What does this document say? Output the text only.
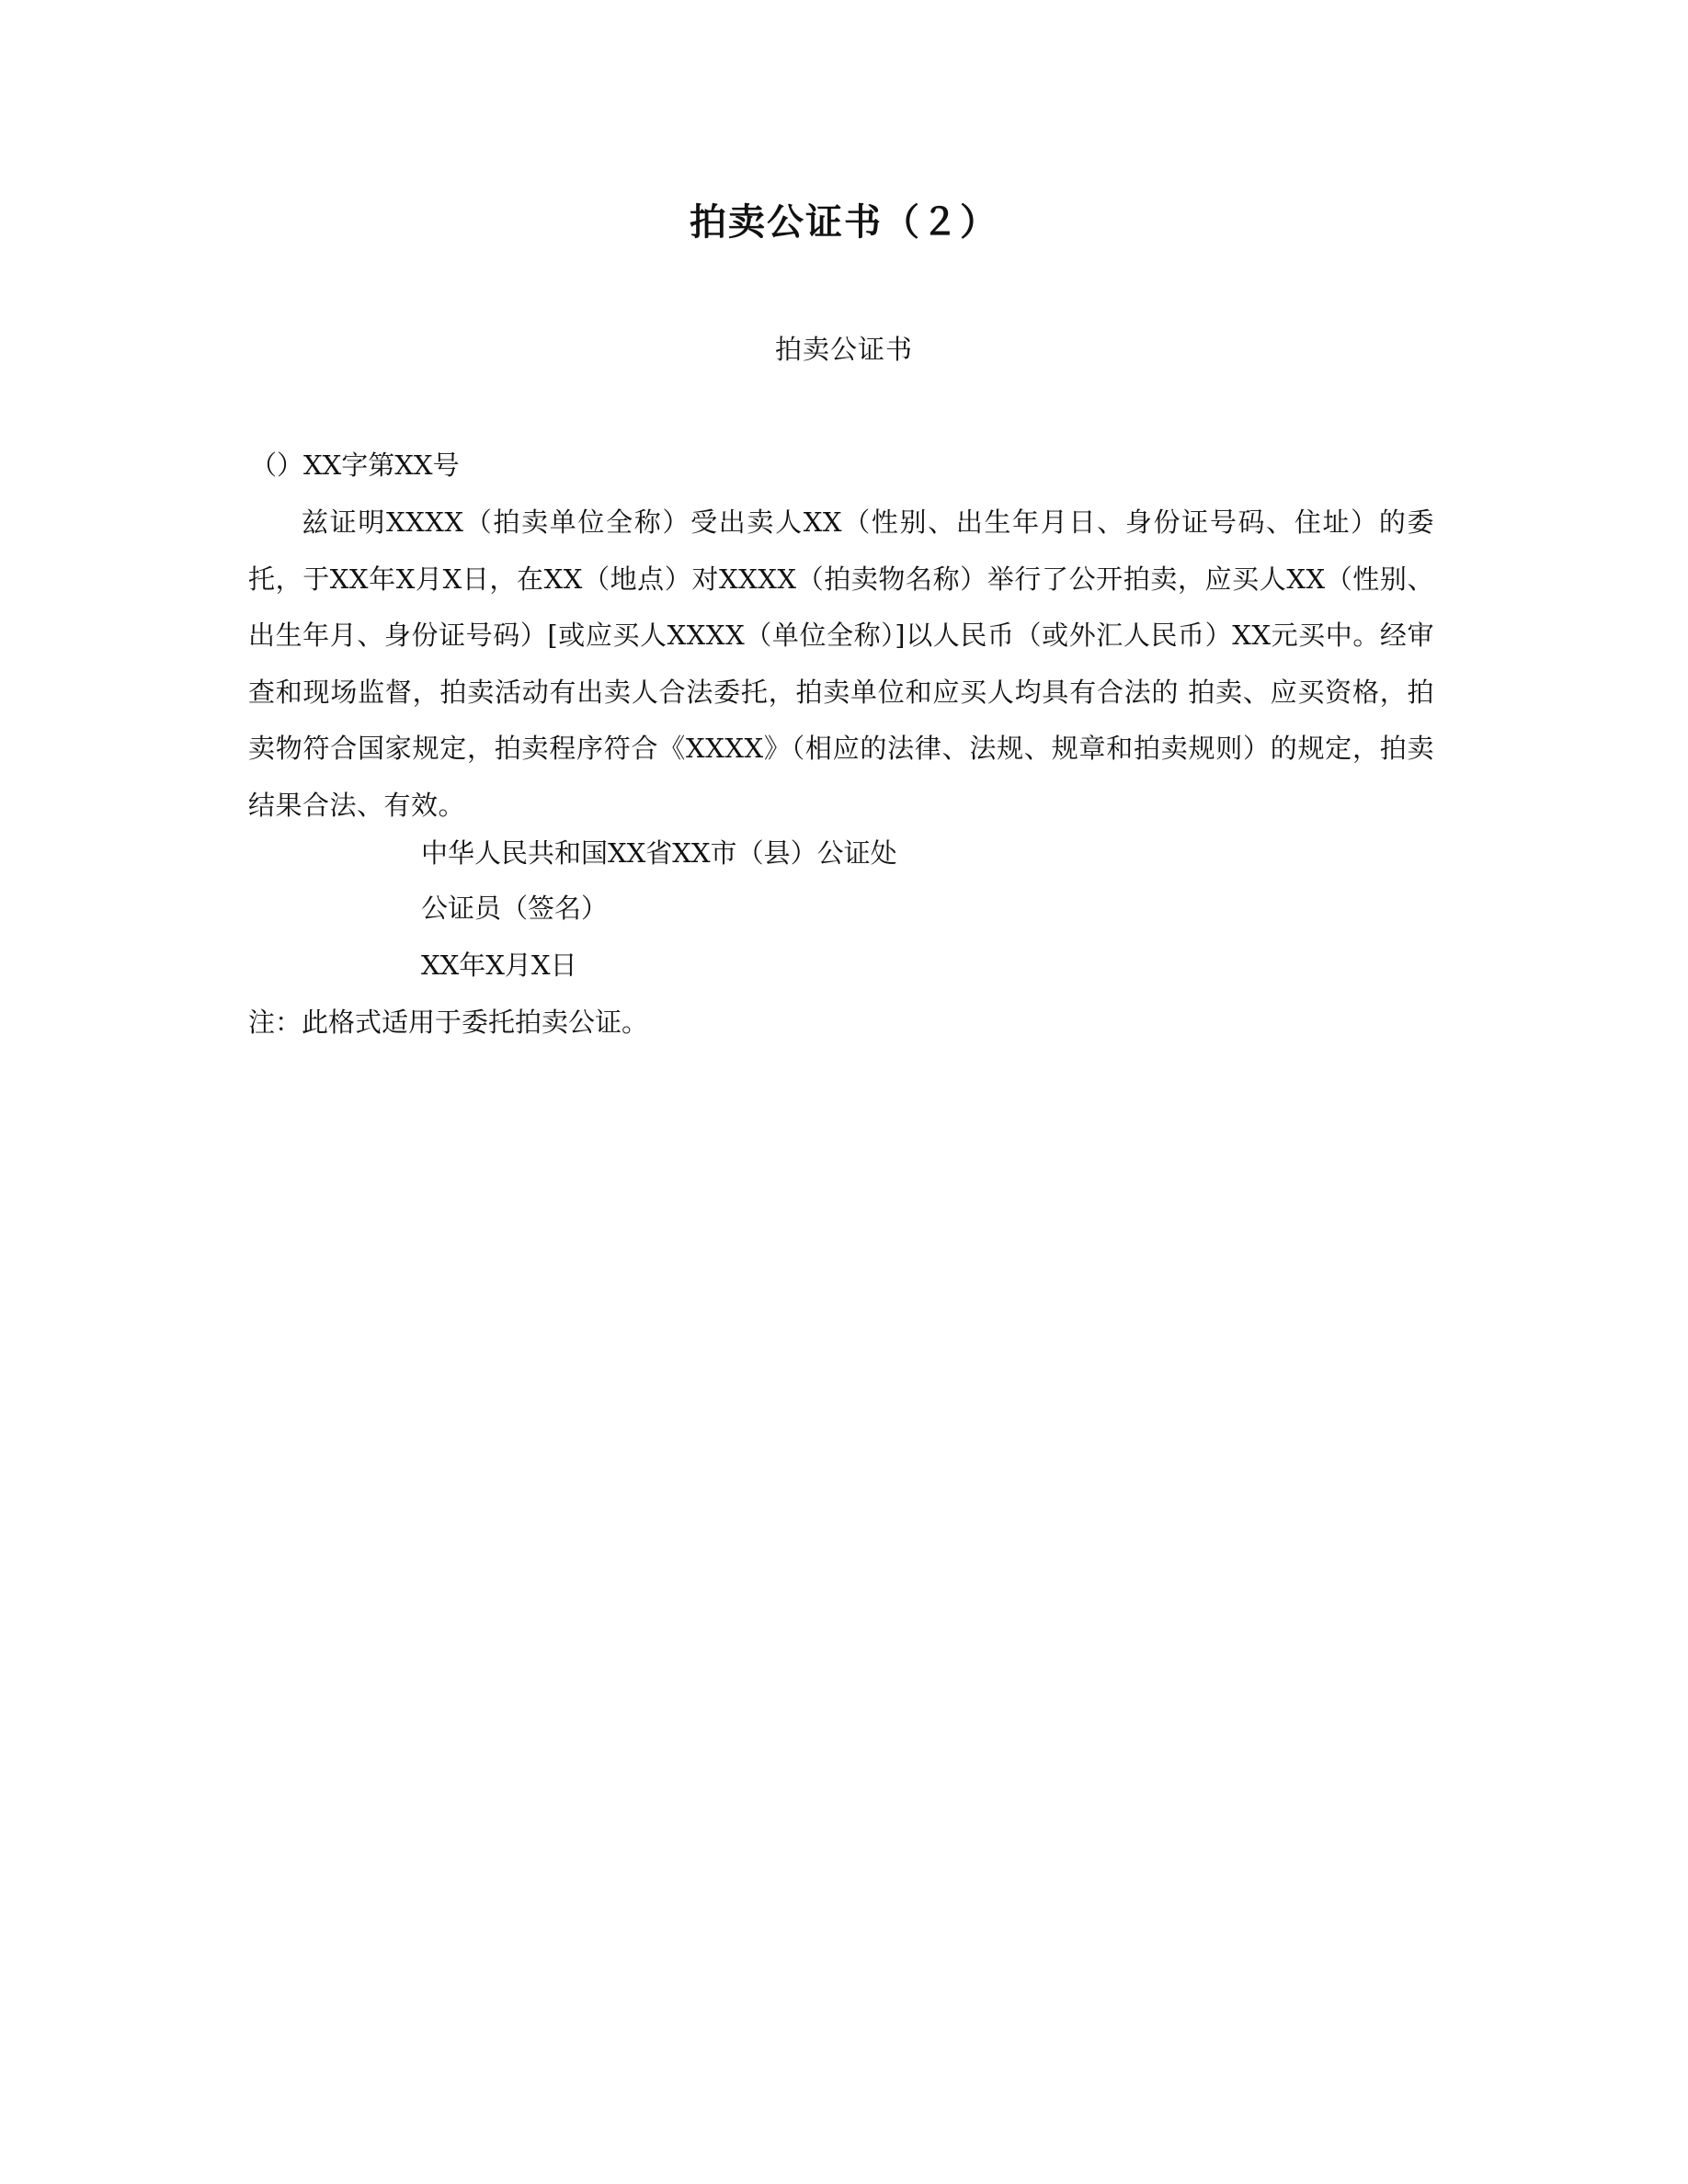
拍卖公证书（２）
拍卖公证书
（）XX字第XX号
兹证明XXXX（拍卖单位全称）受出卖人XX（性别、出生年月日、身份证号码、住址）的委托，于XX年X月X日，在XX（地点）对XXXX（拍卖物名称）举行了公开拍卖，应买人XX（性别、出生年月、身份证号码）[或应买人XXXX（单位全称）]以人民币（或外汇人民币）XX元买中。经审查和现场监督，拍卖活动有出卖人合法委托，拍卖单位和应买人均具有合法的 拍卖、应买资格，拍卖物符合国家规定，拍卖程序符合《XXXX》（相应的法律、法规、规章和拍卖规则）的规定，拍卖结果合法、有效。
中华人民共和国XX省XX市（县）公证处
公证员（签名）
XX年X月X日
注：此格式适用于委托拍卖公证。
